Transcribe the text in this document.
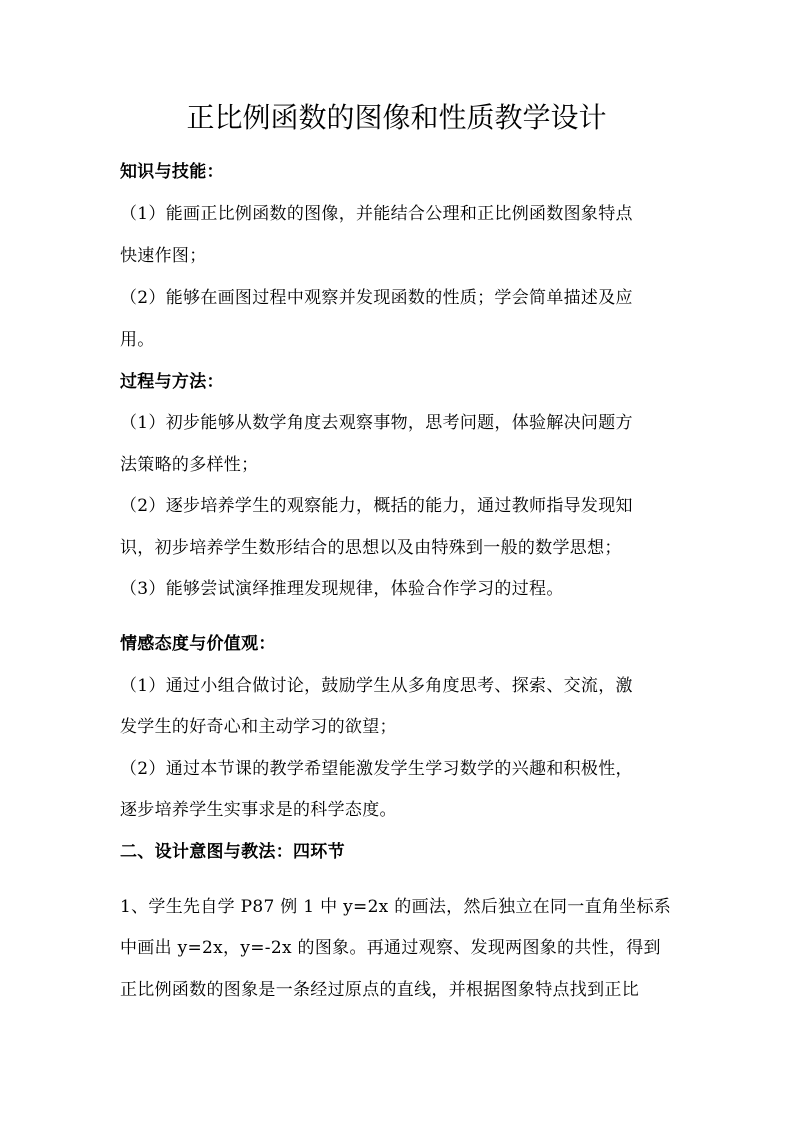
正比例函数的图像和性质教学设计
知识与技能：
（1）能画正比例函数的图像，并能结合公理和正比例函数图象特点
快速作图；
（2）能够在画图过程中观察并发现函数的性质；学会简单描述及应
用。
过程与方法：
（1）初步能够从数学角度去观察事物，思考问题，体验解决问题方
法策略的多样性；
（2）逐步培养学生的观察能力，概括的能力，通过教师指导发现知
识，初步培养学生数形结合的思想以及由特殊到一般的数学思想；
（3）能够尝试演绎推理发现规律，体验合作学习的过程。
情感态度与价值观：
（1）通过小组合做讨论，鼓励学生从多角度思考、探索、交流，激
发学生的好奇心和主动学习的欲望；
（2）通过本节课的教学希望能激发学生学习数学的兴趣和积极性，
逐步培养学生实事求是的科学态度。
二、设计意图与教法：四环节
1、学生先自学 P87 例 1 中 y=2x 的画法，然后独立在同一直角坐标系
中画出 y=2x，y=-2x 的图象。再通过观察、发现两图象的共性，得到
正比例函数的图象是一条经过原点的直线，并根据图象特点找到正比
